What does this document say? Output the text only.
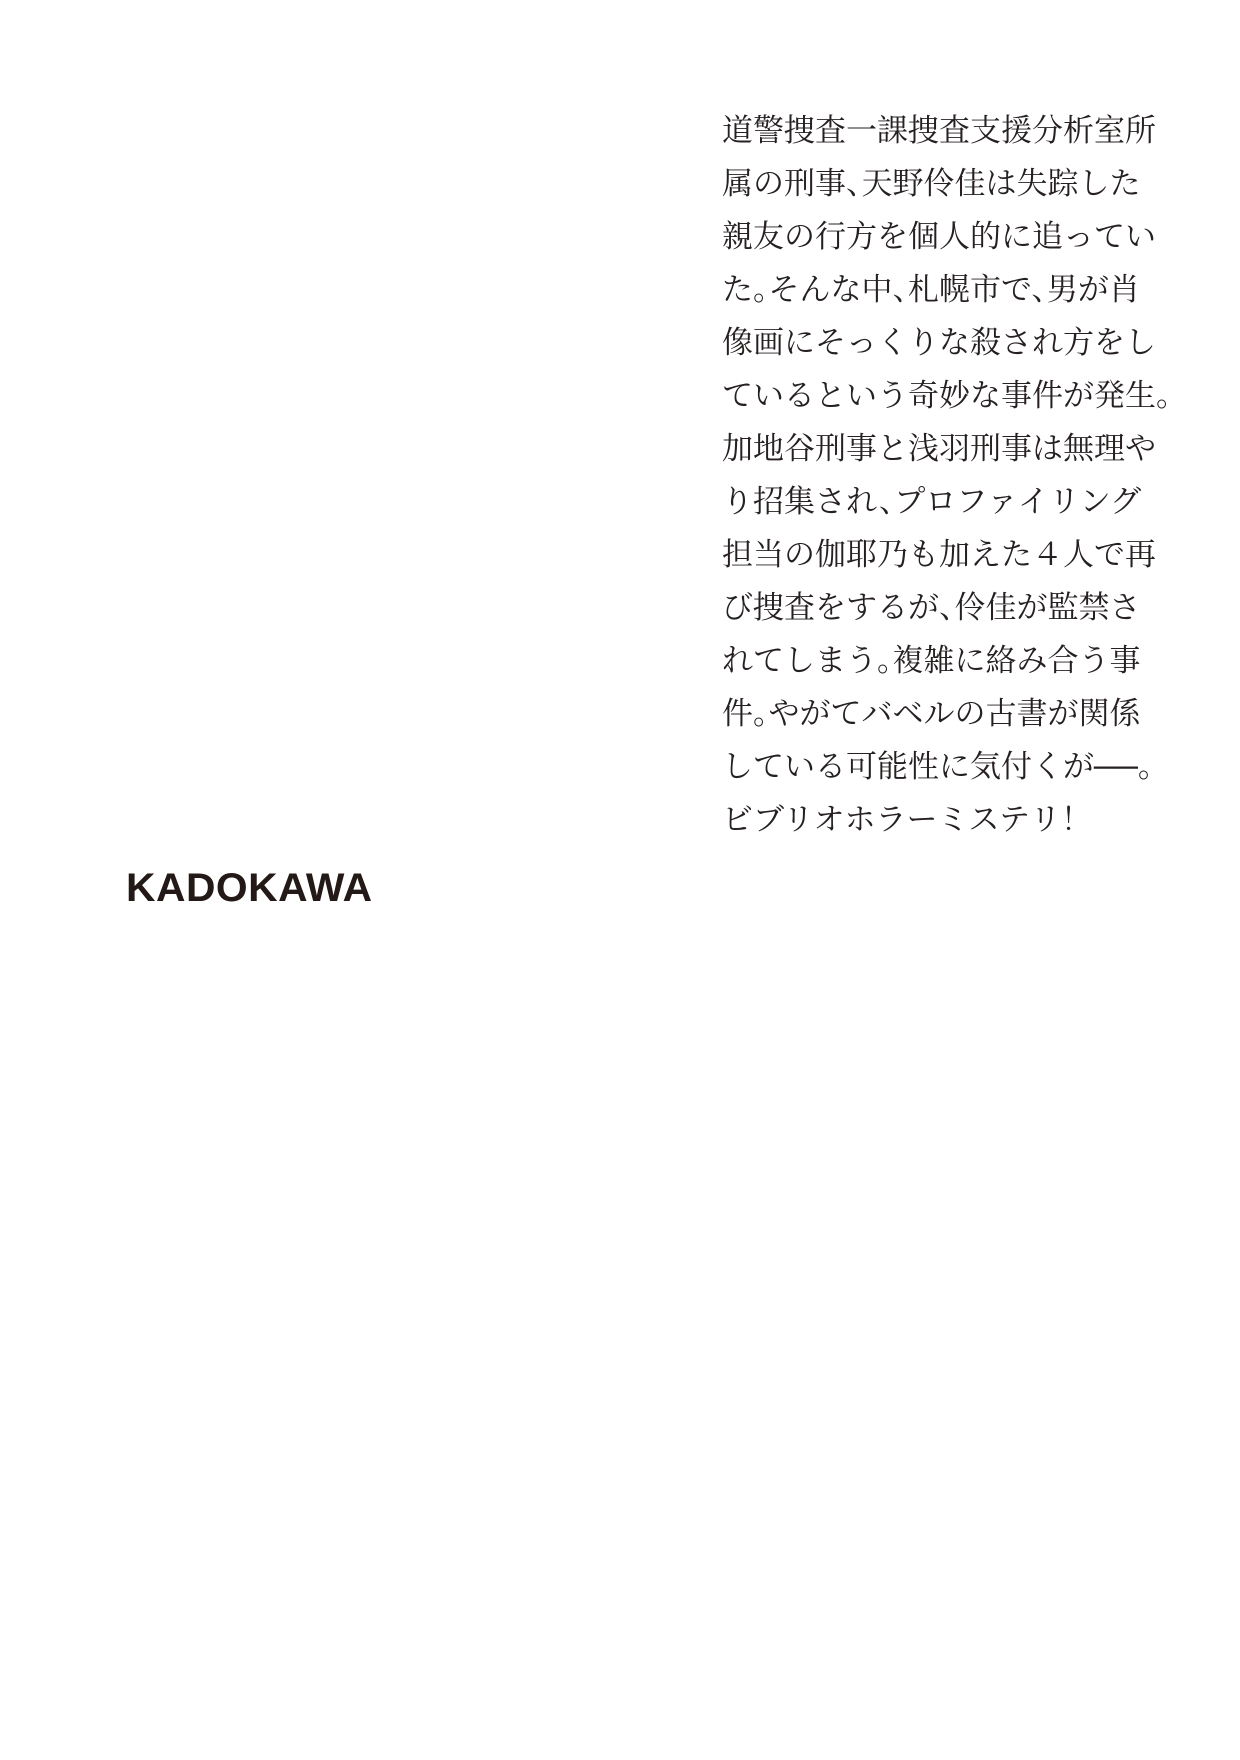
道警捜査一課捜査支援分析室所
属の刑事、天野伶佳は失踪した
親友の行方を個人的に追ってい
た。そんな中、札幌市で、男が肖
像画にそっくりな殺され方をし
ているという奇妙な事件が発生。
加地谷刑事と浅羽刑事は無理や
り招集され、プロファイリング
担当の伽耶乃も加えた４人で再
び捜査をするが、伶佳が監禁さ
れてしまう。複雑に絡み合う事
件。やがてバベルの古書が関係
している可能性に気付くが──。
ビブリオホラーミステリ！
KADOKAWA
